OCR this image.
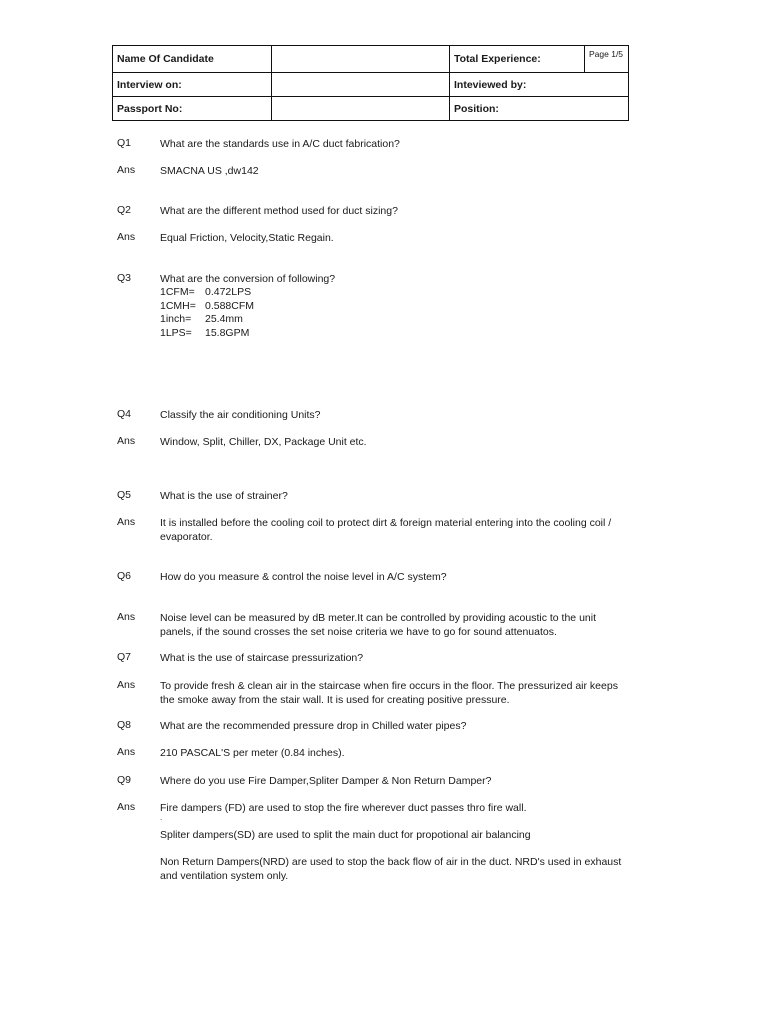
Name Of Candidate		Total Experience:	Page 1/5
Interview on:		Inteviewed by:	
Passport No:		Position:	
Q1	What are the standards use in A/C duct fabrication?
Ans SMACNA US ,dw142
Q2	What are the different method used for duct sizing?
Ans Equal Friction, Velocity,Static Regain.
Q3	What are the conversion of following?
1CFM= 0.472LPS
1CMH= 0.588CFM
1inch= 25.4mm
1LPS= 15.8GPM
Q4	Classify the air conditioning Units?
Ans Window, Split, Chiller, DX, Package Unit etc.
Q5	What is the use of strainer?
Ans It is installed before the cooling coil to protect dirt & foreign material entering into the cooling coil / evaporator.
Q6	How do you measure & control the noise level in A/C system?
Ans Noise level can be measured by dB meter.It can be controlled by providing acoustic to the unit panels, if the sound crosses the set noise criteria we have to go for sound attenuatos.
Q7	What is the use of staircase pressurization?
Ans To provide fresh & clean air in the staircase when fire occurs in the floor. The pressurized air keeps the smoke away from the stair wall. It is used for creating positive pressure.
Q8	What are the recommended pressure drop in Chilled water pipes?
Ans 210 PASCAL'S per meter (0.84 inches).
Q9	Where do you use Fire Damper,Spliter Damper & Non Return Damper?
Ans Fire dampers (FD) are used to stop the fire wherever duct passes thro fire wall.
.
Spliter dampers(SD) are used to split the main duct for propotional air balancing
Non Return Dampers(NRD) are used to stop the back flow of air in the duct. NRD's used in exhaust and ventilation system only.
